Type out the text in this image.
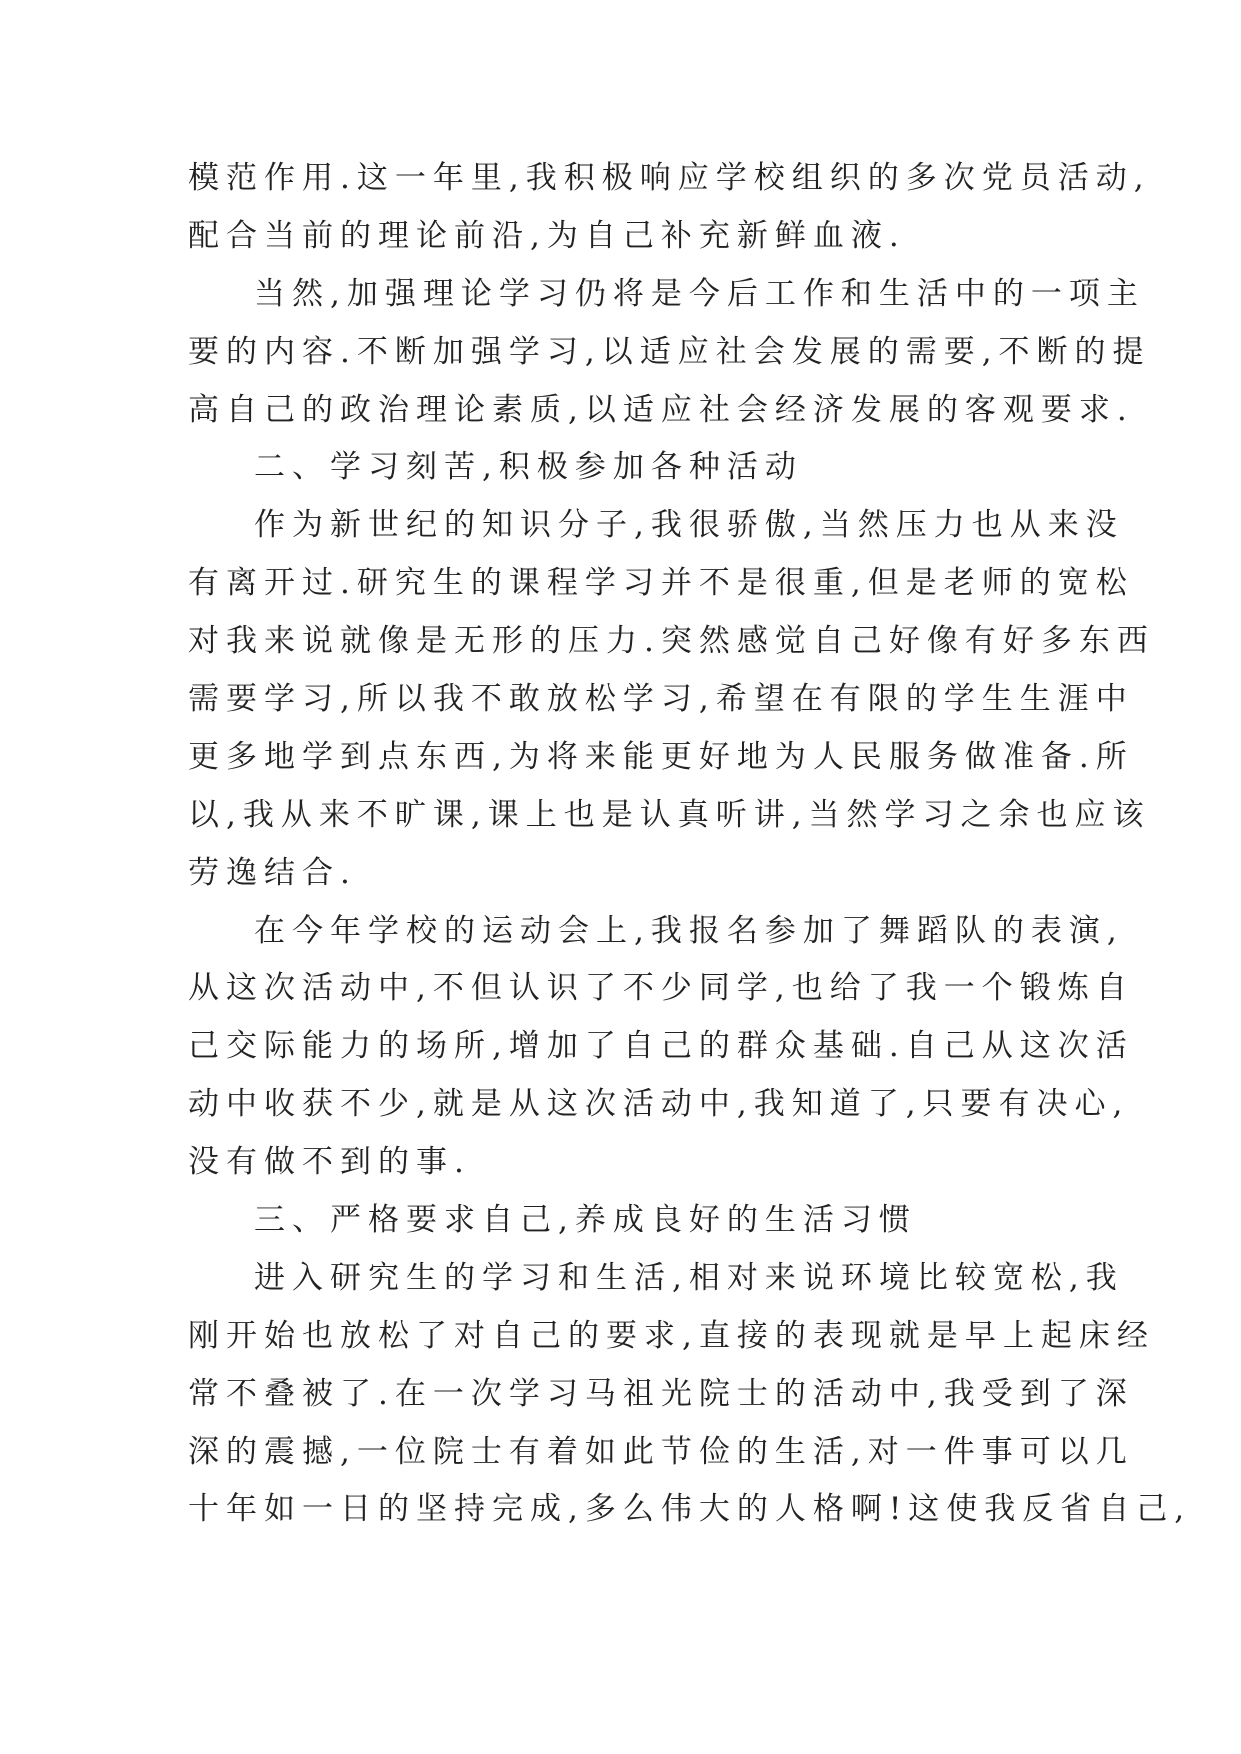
模范作用.这一年里,我积极响应学校组织的多次党员活动,
配合当前的理论前沿,为自己补充新鲜血液.
当然,加强理论学习仍将是今后工作和生活中的一项主
要的内容.不断加强学习,以适应社会发展的需要,不断的提
高自己的政治理论素质,以适应社会经济发展的客观要求.
二、学习刻苦,积极参加各种活动
作为新世纪的知识分子,我很骄傲,当然压力也从来没
有离开过.研究生的课程学习并不是很重,但是老师的宽松
对我来说就像是无形的压力.突然感觉自己好像有好多东西
需要学习,所以我不敢放松学习,希望在有限的学生生涯中
更多地学到点东西,为将来能更好地为人民服务做准备.所
以,我从来不旷课,课上也是认真听讲,当然学习之余也应该
劳逸结合.
在今年学校的运动会上,我报名参加了舞蹈队的表演,
从这次活动中,不但认识了不少同学,也给了我一个锻炼自
己交际能力的场所,增加了自己的群众基础.自己从这次活
动中收获不少,就是从这次活动中,我知道了,只要有决心,
没有做不到的事.
三、严格要求自己,养成良好的生活习惯
进入研究生的学习和生活,相对来说环境比较宽松,我
刚开始也放松了对自己的要求,直接的表现就是早上起床经
常不叠被了.在一次学习马祖光院士的活动中,我受到了深
深的震撼,一位院士有着如此节俭的生活,对一件事可以几
十年如一日的坚持完成,多么伟大的人格啊!这使我反省自己,
